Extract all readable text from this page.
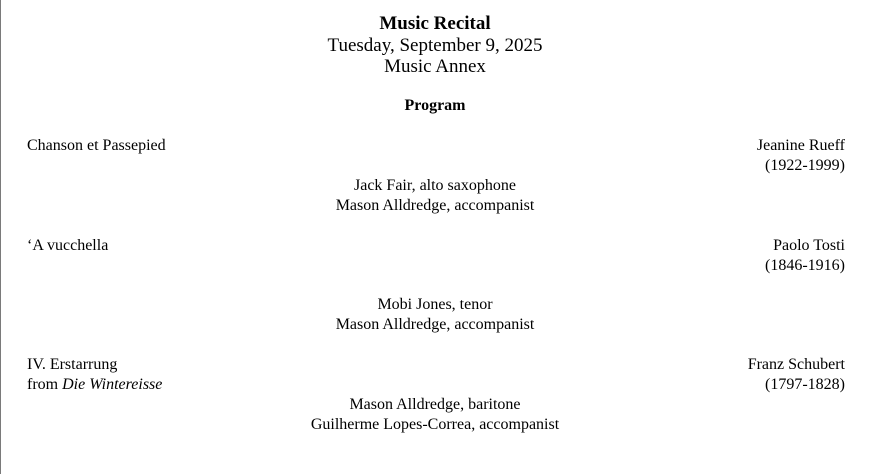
Music Recital
Tuesday, September 9, 2025
Music Annex
Program
Chanson et Passepied	Jeanine Rueff
(1922-1999)
Jack Fair, alto saxophone
Mason Alldredge, accompanist
‘A vucchella	Paolo Tosti
(1846-1916)
Mobi Jones, tenor
Mason Alldredge, accompanist
IV. Erstarrung
from Die Wintereisse
Franz Schubert
(1797-1828)
Mason Alldredge, baritone
Guilherme Lopes-Correa, accompanist
